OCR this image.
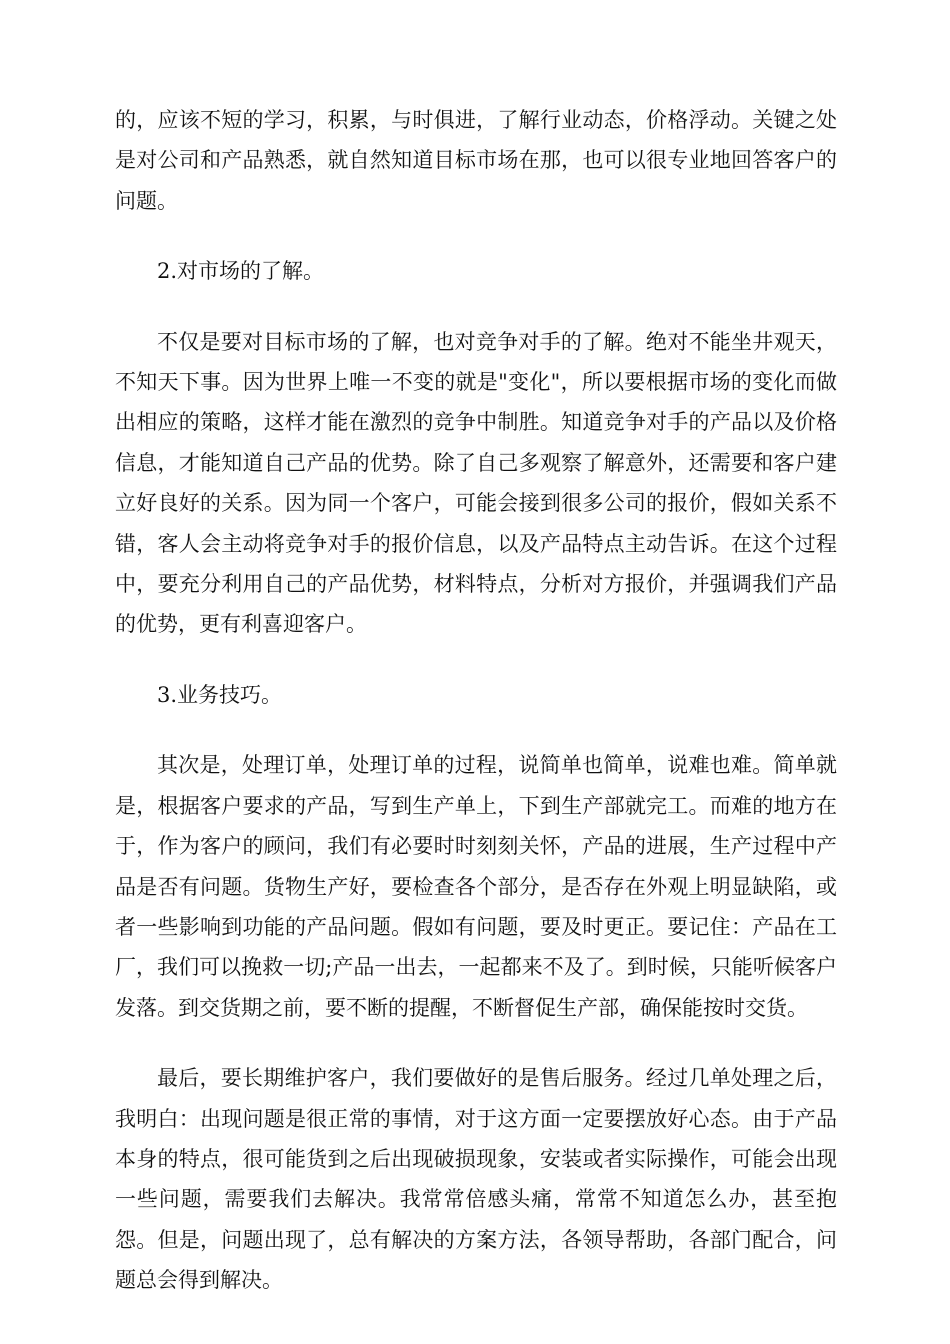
的，应该不短的学习，积累，与时俱进，了解行业动态，价格浮动。关键之处是对公司和产品熟悉，就自然知道目标市场在那，也可以很专业地回答客户的问题。

2.对市场的了解。

不仅是要对目标市场的了解，也对竞争对手的了解。绝对不能坐井观天，不知天下事。因为世界上唯一不变的就是"变化"，所以要根据市场的变化而做出相应的策略，这样才能在激烈的竞争中制胜。知道竞争对手的产品以及价格信息，才能知道自己产品的优势。除了自己多观察了解意外，还需要和客户建立好良好的关系。因为同一个客户，可能会接到很多公司的报价，假如关系不错，客人会主动将竞争对手的报价信息，以及产品特点主动告诉。在这个过程中，要充分利用自己的产品优势，材料特点，分析对方报价，并强调我们产品的优势，更有利喜迎客户。

3.业务技巧。

其次是，处理订单，处理订单的过程，说简单也简单，说难也难。简单就是，根据客户要求的产品，写到生产单上，下到生产部就完工。而难的地方在于，作为客户的顾问，我们有必要时时刻刻关怀，产品的进展，生产过程中产品是否有问题。货物生产好，要检查各个部分，是否存在外观上明显缺陷，或者一些影响到功能的产品问题。假如有问题，要及时更正。要记住：产品在工厂，我们可以挽救一切;产品一出去，一起都来不及了。到时候，只能听候客户发落。到交货期之前，要不断的提醒，不断督促生产部，确保能按时交货。

最后，要长期维护客户，我们要做好的是售后服务。经过几单处理之后，我明白：出现问题是很正常的事情，对于这方面一定要摆放好心态。由于产品本身的特点，很可能货到之后出现破损现象，安装或者实际操作，可能会出现一些问题，需要我们去解决。我常常倍感头痛，常常不知道怎么办，甚至抱怨。但是，问题出现了，总有解决的方案方法，各领导帮助，各部门配合，问题总会得到解决。
